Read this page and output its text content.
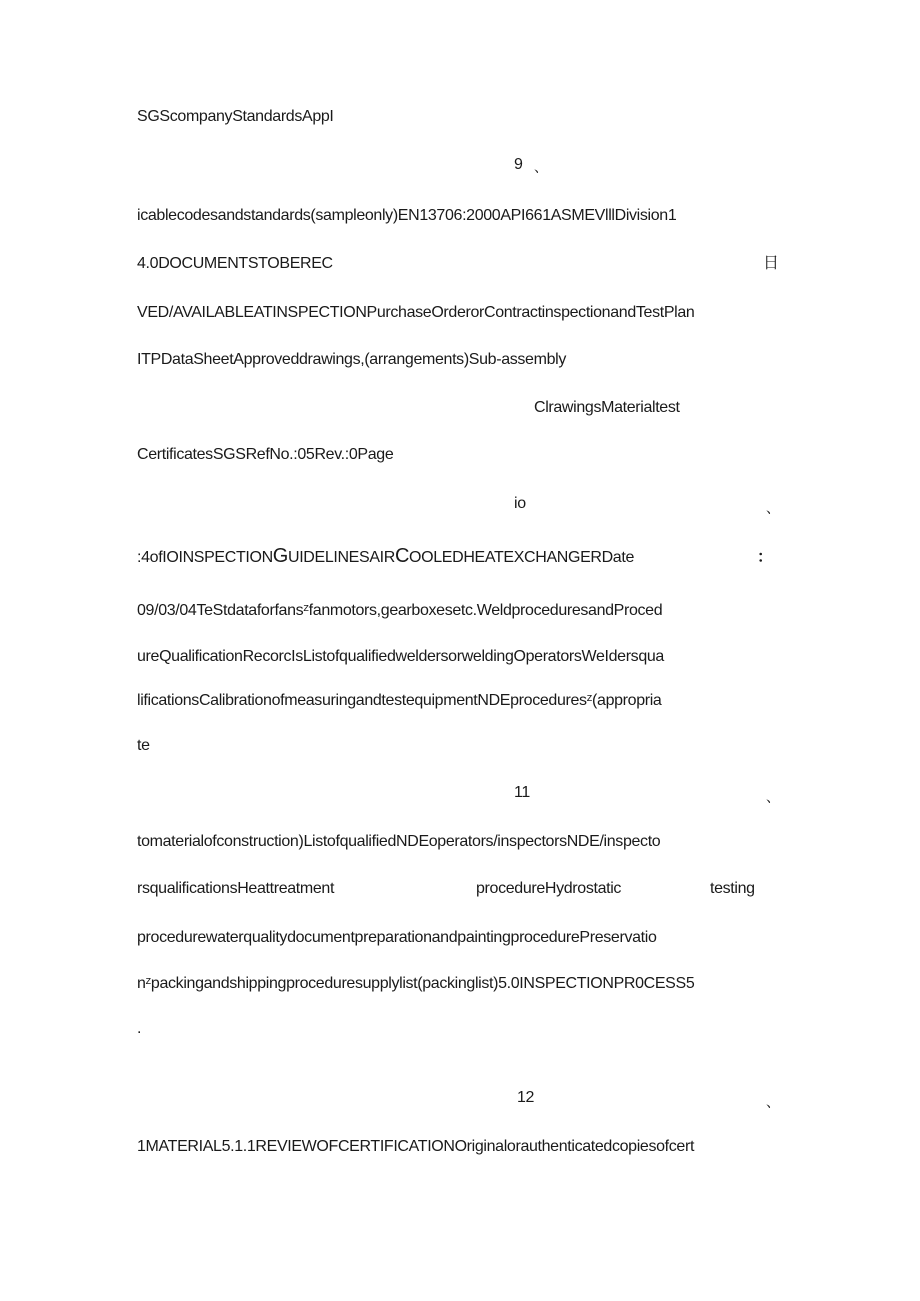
SGScompanyStandardsAppI
9 、
icablecodesandstandards(sampleonly)EN13706:2000API661ASMEVlllDivision1
4.0DOCUMENTSTOBEREC	日
VED/AVAILABLEATINSPECTIONPurchaseOrderorContractinspectionandTestPlan
ITPDataSheetApproveddrawings,(arrangements)Sub-assembly
ClrawingsMaterialtest
CertificatesSGSRefNo.:05Rev.:0Page
io	、
:4ofIOINSPECTIONGUIDELINESAIRCOOLEDHEATEXCHANGERDate	：
09/03/04TeStdataforfansᶻfanmotors,gearboxesetc.WeldproceduresandProced
ureQualificationRecorcIsListofqualifiedweldersorweldingOperatorsWeIdersqua
lificationsCalibrationofmeasuringandtestequipmentNDEproceduresᶻ(appropria
te
11	、
tomaterialofconstruction)ListofqualifiedNDEoperators/inspectorsNDE/inspecto
rsqualificationsHeattreatment	procedureHydrostatic	testing
procedurewaterqualitydocumentpreparationandpaintingprocedurePreservatio
nᶻpackingandshippingproceduresupplylist(packinglist)5.0INSPECTIONPR0CESS5
.
12	、
1MATERIAL5.1.1REVIEWOFCERTIFICATIONOriginalorauthenticatedcopiesofcert
